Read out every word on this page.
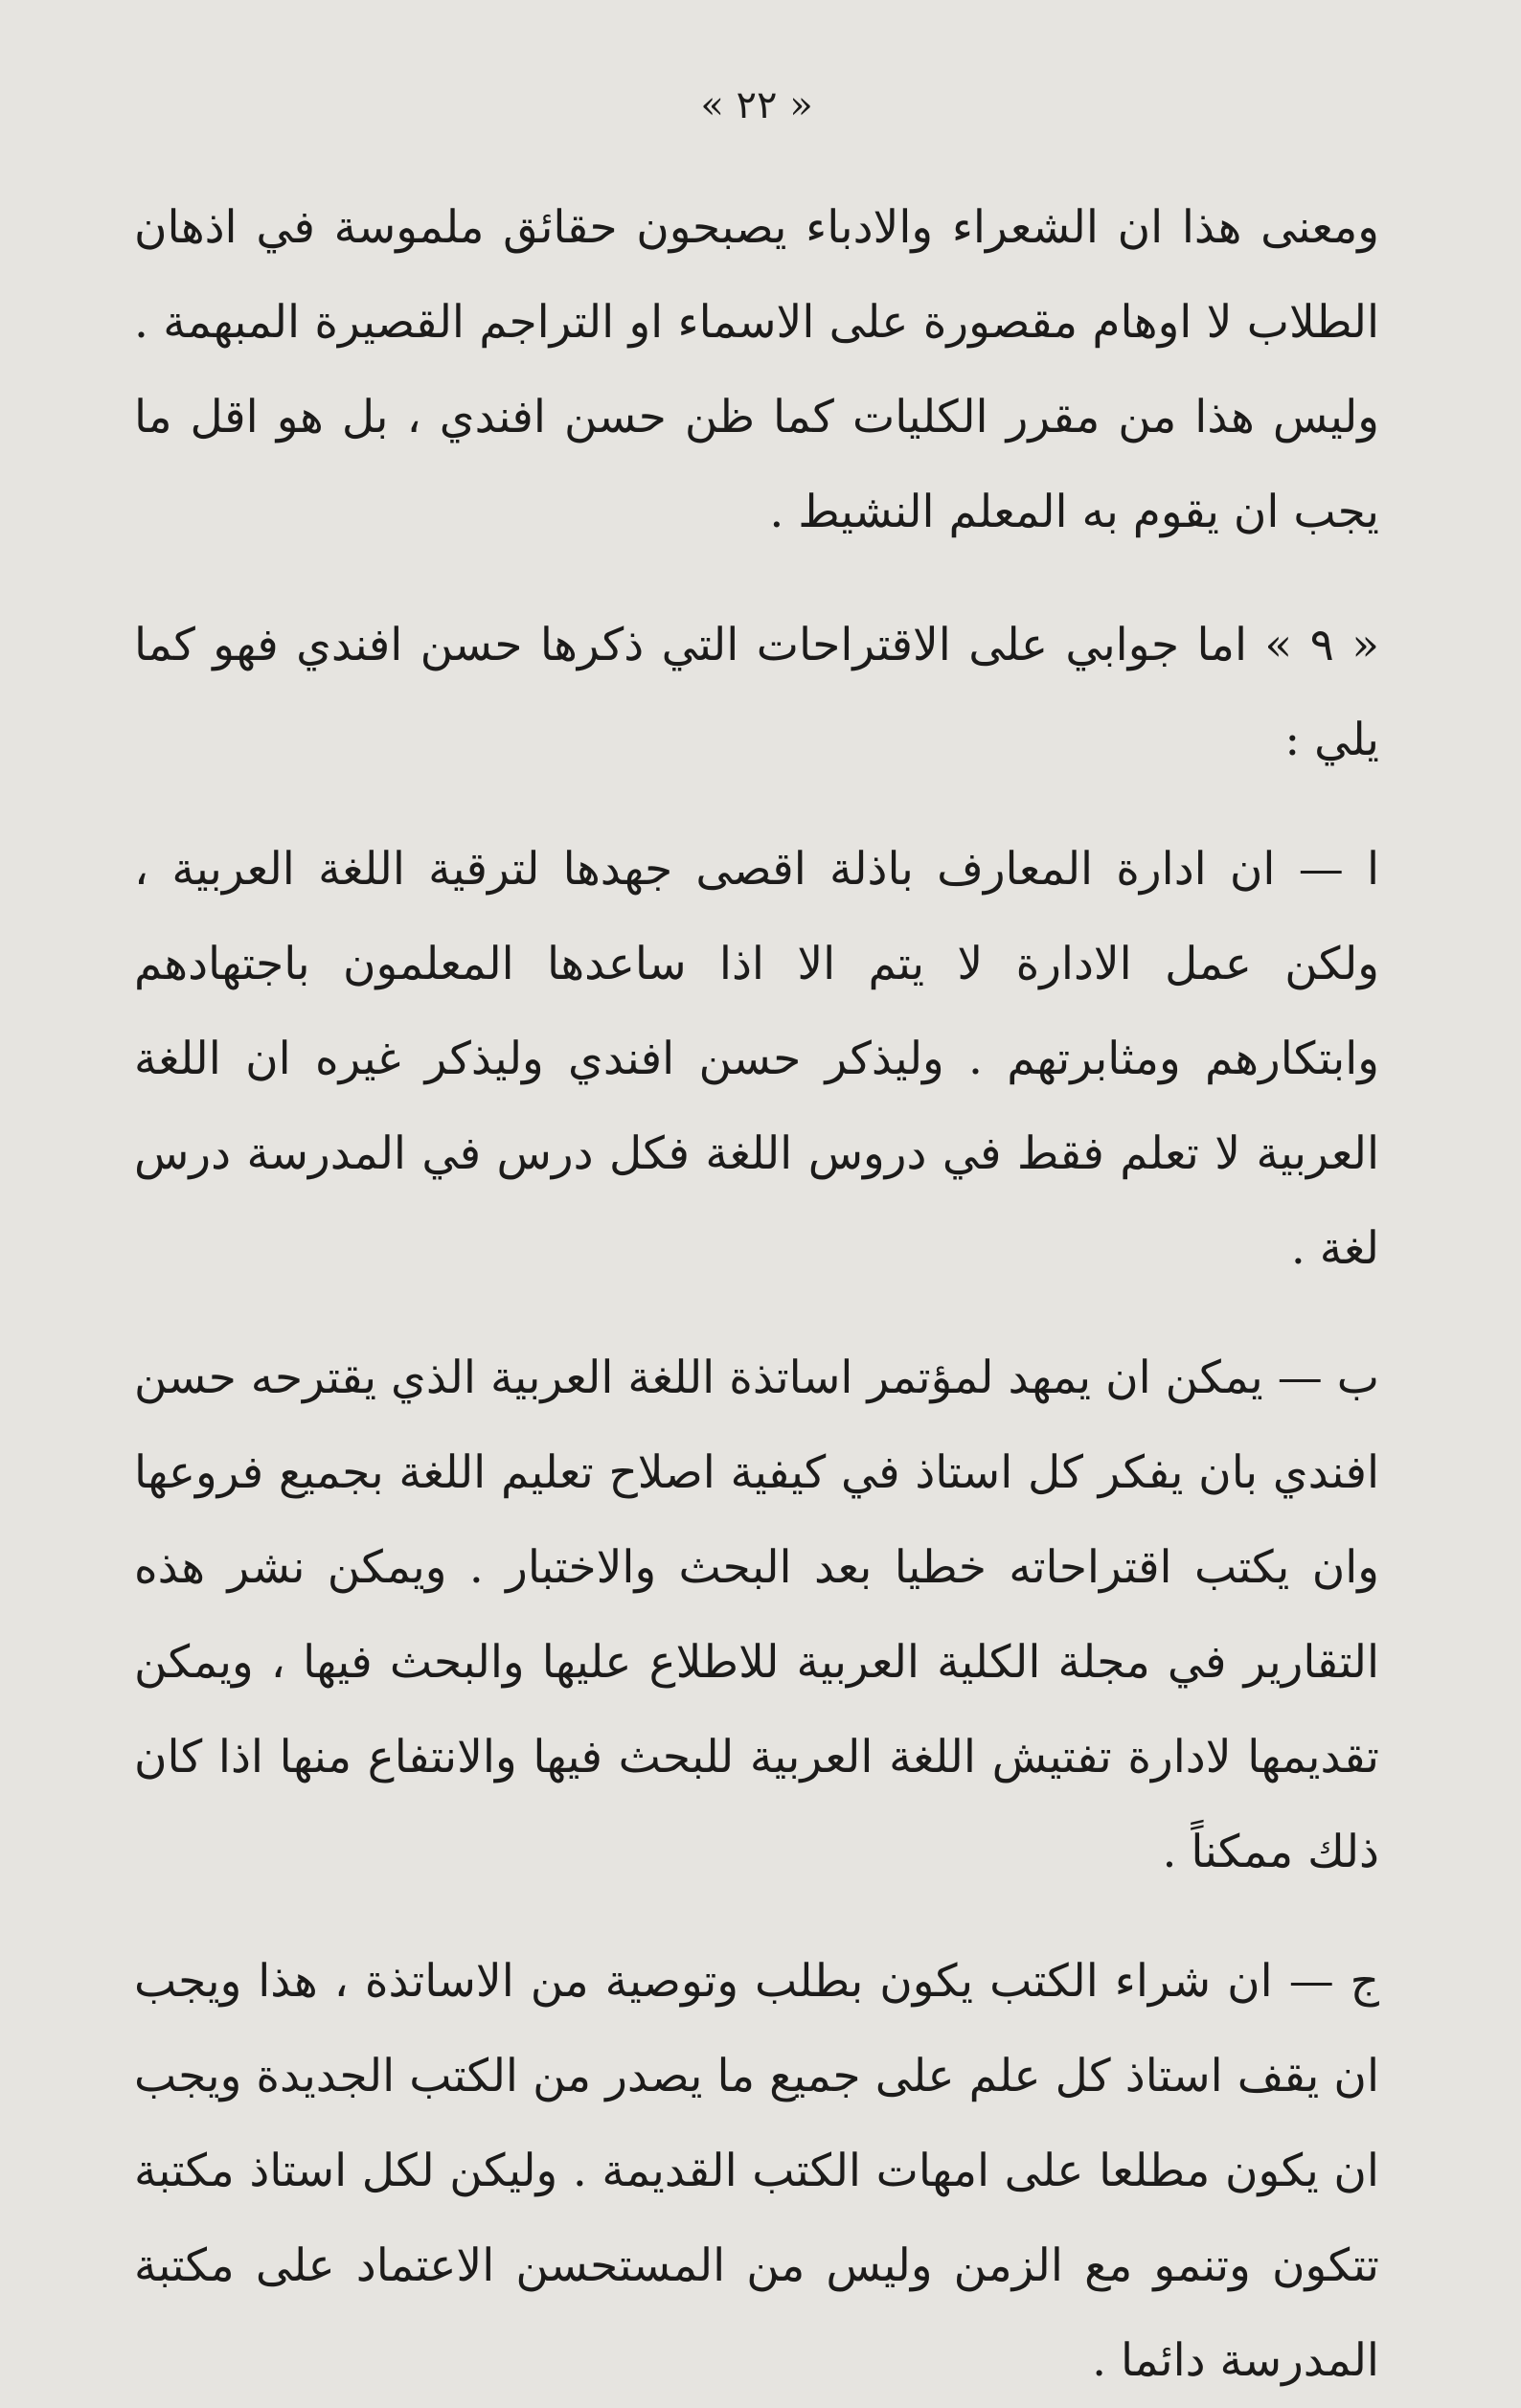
« ٢٢ »

ومعنى هذا ان الشعراء والادباء يصبحون حقائق ملموسة في اذهان الطلاب لا اوهام مقصورة على الاسماء او التراجم القصيرة المبهمة . وليس هذا من مقرر الكليات كما ظن حسن افندي ، بل هو اقل ما يجب ان يقوم به المعلم النشيط .

« ٩ » اما جوابي على الاقتراحات التي ذكرها حسن افندي فهو كما يلي :

ا — ان ادارة المعارف باذلة اقصى جهدها لترقية اللغة العربية ، ولكن عمل الادارة لا يتم الا اذا ساعدها المعلمون باجتهادهم وابتكارهم ومثابرتهم . وليذكر حسن افندي وليذكر غيره ان اللغة العربية لا تعلم فقط في دروس اللغة فكل درس في المدرسة درس لغة .

ب — يمكن ان يمهد لمؤتمر اساتذة اللغة العربية الذي يقترحه حسن افندي بان يفكر كل استاذ في كيفية اصلاح تعليم اللغة بجميع فروعها وان يكتب اقتراحاته خطيا بعد البحث والاختبار . ويمكن نشر هذه التقارير في مجلة الكلية العربية للاطلاع عليها والبحث فيها ، ويمكن تقديمها لادارة تفتيش اللغة العربية للبحث فيها والانتفاع منها اذا كان ذلك ممكناً .

ج — ان شراء الكتب يكون بطلب وتوصية من الاساتذة ، هذا ويجب ان يقف استاذ كل علم على جميع ما يصدر من الكتب الجديدة ويجب ان يكون مطلعا على امهات الكتب القديمة . وليكن لكل استاذ مكتبة تتكون وتنمو مع الزمن وليس من المستحسن الاعتماد على مكتبة المدرسة دائما .
